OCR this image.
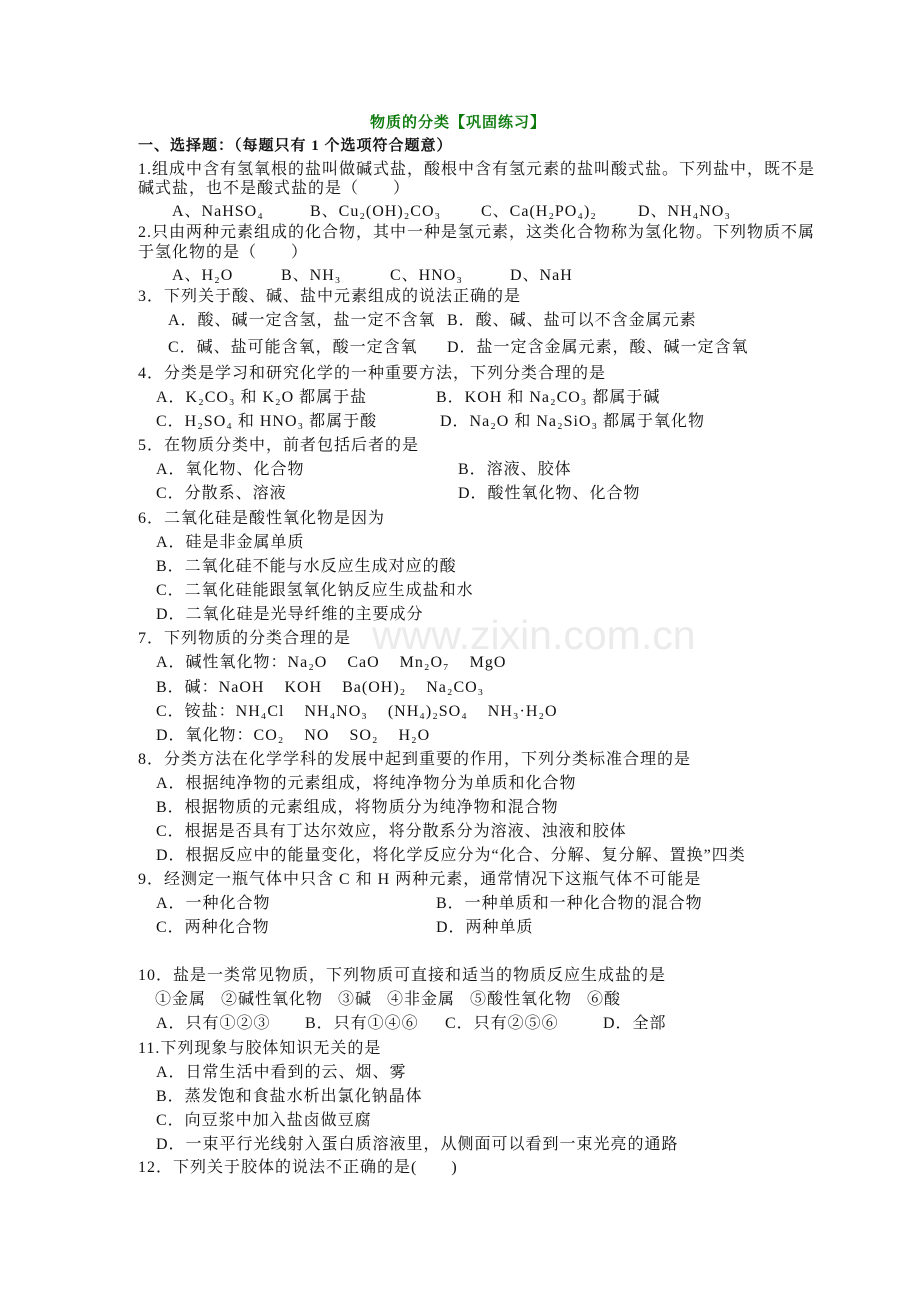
www.zixin.com.cn
物质的分类【巩固练习】
一、选择题：（每题只有 1 个选项符合题意）
1.组成中含有氢氧根的盐叫做碱式盐，酸根中含有氢元素的盐叫酸式盐。下列盐中，既不是
碱式盐，也不是酸式盐的是（　　）
A、NaHSO₄	B、Cu₂(OH)₂CO₃ C、Ca(H₂PO₄)₂	D、NH₄NO₃
2.只由两种元素组成的化合物，其中一种是氢元素，这类化合物称为氢化物。下列物质不属
于氢化物的是（　　）
A、H₂O	B、NH₃	C、HNO₃	D、NaH
3．下列关于酸、碱、盐中元素组成的说法正确的是
A．酸、碱一定含氢，盐一定不含氧 B．酸、碱、盐可以不含金属元素
C．碱、盐可能含氧，酸一定含氧 D．盐一定含金属元素，酸、碱一定含氧
4．分类是学习和研究化学的一种重要方法，下列分类合理的是
A．K₂CO₃ 和 K₂O 都属于盐	B．KOH 和 Na₂CO₃ 都属于碱
C．H₂SO₄ 和 HNO₃ 都属于酸	D．Na₂O 和 Na₂SiO₃ 都属于氧化物
5．在物质分类中，前者包括后者的是
A．氧化物、化合物	B．溶液、胶体
C．分散系、溶液	D．酸性氧化物、化合物
6．二氧化硅是酸性氧化物是因为
A．硅是非金属单质
B．二氧化硅不能与水反应生成对应的酸
C．二氧化硅能跟氢氧化钠反应生成盐和水
D．二氧化硅是光导纤维的主要成分
7．下列物质的分类合理的是
A．碱性氧化物：Na₂O    CaO    Mn₂O₇    MgO
B．碱：NaOH    KOH    Ba(OH)₂    Na₂CO₃
C．铵盐：NH₄Cl    NH₄NO₃    (NH₄)₂SO₄    NH₃·H₂O
D．氧化物：CO₂    NO    SO₂    H₂O
8．分类方法在化学学科的发展中起到重要的作用，下列分类标准合理的是
A．根据纯净物的元素组成，将纯净物分为单质和化合物
B．根据物质的元素组成，将物质分为纯净物和混合物
C．根据是否具有丁达尔效应，将分散系分为溶液、浊液和胶体
D．根据反应中的能量变化，将化学反应分为“化合、分解、复分解、置换”四类
9．经测定一瓶气体中只含 C 和 H 两种元素，通常情况下这瓶气体不可能是
A．一种化合物	B．一种单质和一种化合物的混合物
C．两种化合物	D．两种单质
10．盐是一类常见物质，下列物质可直接和适当的物质反应生成盐的是
①金属   ②碱性氧化物   ③碱   ④非金属   ⑤酸性氧化物   ⑥酸
A．只有①②③ B．只有①④⑥ C．只有②⑤⑥	D．全部
11.下列现象与胶体知识无关的是
A．日常生活中看到的云、烟、雾
B．蒸发饱和食盐水析出氯化钠晶体
C．向豆浆中加入盐卤做豆腐
D．一束平行光线射入蛋白质溶液里，从侧面可以看到一束光亮的通路
12．下列关于胶体的说法不正确的是(　　)
